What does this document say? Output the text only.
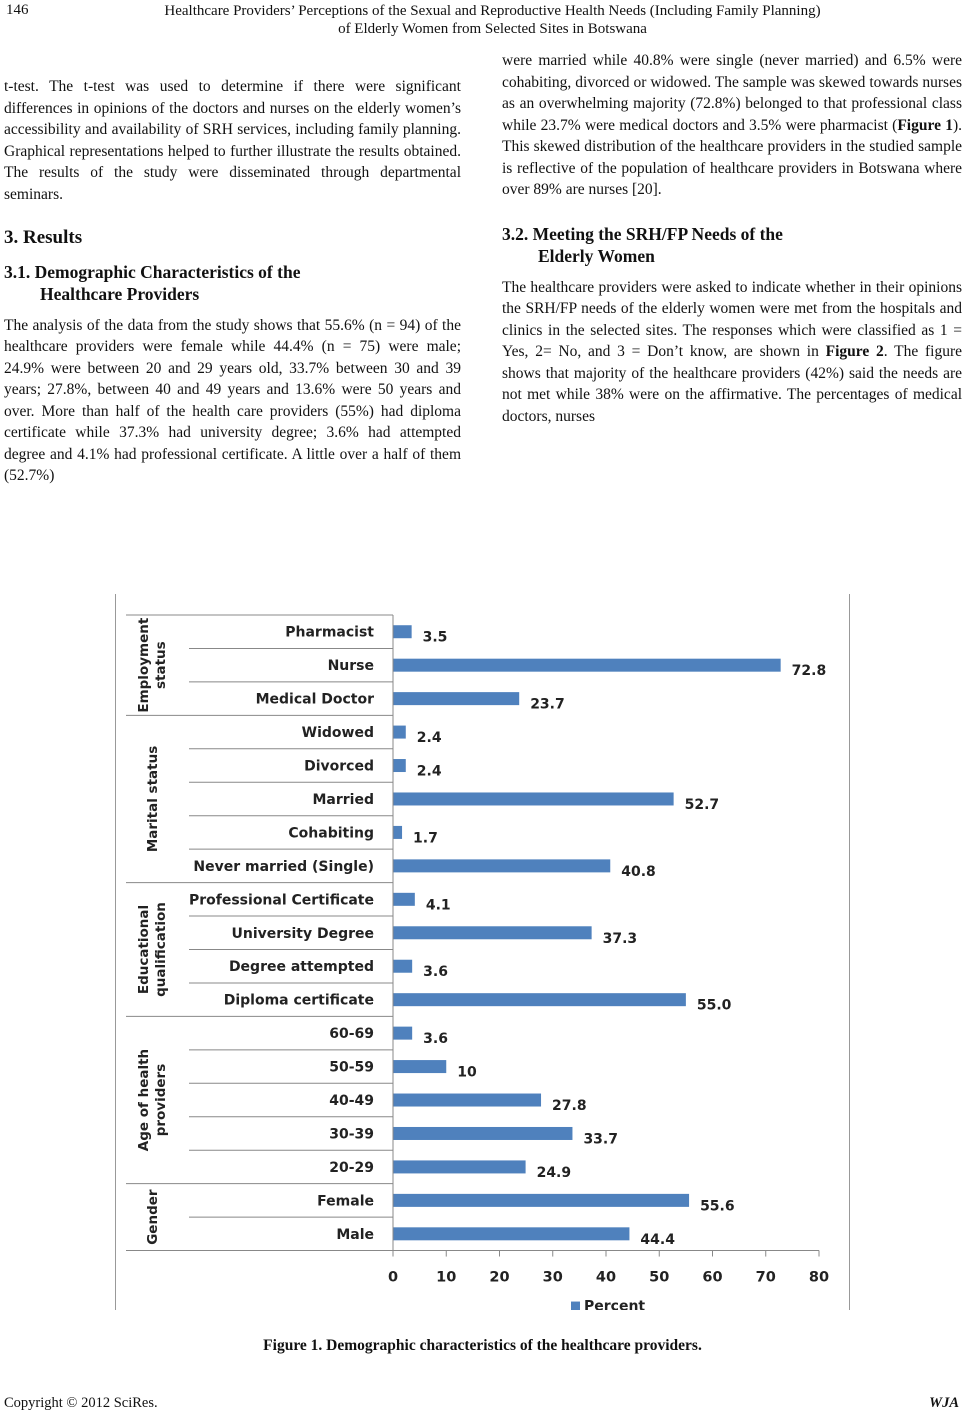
146	Healthcare Providers’ Perceptions of the Sexual and Reproductive Health Needs (Including Family Planning)
of Elderly Women from Selected Sites in Botswana

t-test. The t-test was used to determine if there were significant differences in opinions of the doctors and nurses on the elderly women’s accessibility and availability of SRH services, including family planning. Graphical representations helped to further illustrate the results obtained. The results of the study were disseminated through departmental seminars.

3. Results
3.1. Demographic Characteristics of the
Healthcare Providers

The analysis of the data from the study shows that 55.6% (n = 94) of the healthcare providers were female while 44.4% (n = 75) were male; 24.9% were between 20 and 29 years old, 33.7% between 30 and 39 years; 27.8%, between 40 and 49 years and 13.6% were 50 years and over. More than half of the health care providers (55%) had diploma certificate while 37.3% had university degree; 3.6% had attempted degree and 4.1% had professional certificate. A little over a half of them (52.7%)

were married while 40.8% were single (never married) and 6.5% were cohabiting, divorced or widowed. The sample was skewed towards nurses as an overwhelming majority (72.8%) belonged to that professional class while 23.7% were medical doctors and 3.5% were pharmacist (Figure 1). This skewed distribution of the healthcare providers in the studied sample is reflective of the population of healthcare providers in Botswana where over 89% are nurses [20].

3.2. Meeting the SRH/FP Needs of the
Elderly Women

The healthcare providers were asked to indicate whether in their opinions the SRH/FP needs of the elderly women were met from the hospitals and clinics in the selected sites. The responses which were classified as 1 = Yes, 2= No, and 3 = Don’t know, are shown in Figure 2. The figure shows that majority of the healthcare providers (42%) said the needs are not met while 38% were on the affirmative. The percentages of medical doctors, nurses

Employmentstatus
Marital status
Educationalqualification
Age of healthproviders
Gender
Pharmacist	3.5
Nurse	72.8
Medical Doctor	23.7
Widowed	2.4
Divorced	2.4
Married	52.7
Cohabiting	1.7
Never married (Single)	40.8
Professional Certificate	4.1
University Degree	37.3
Degree attempted	3.6
Diploma certificate	55.0
60-69	3.6
50-59	10
40-49	27.8
30-39	33.7
20-29	24.9
Female	55.6
Male	44.4
0	10 20 30 40 50 60 70 80
Percent
Figure 1. Demographic characteristics of the healthcare providers.
Copyright © 2012 SciRes.	WJA
